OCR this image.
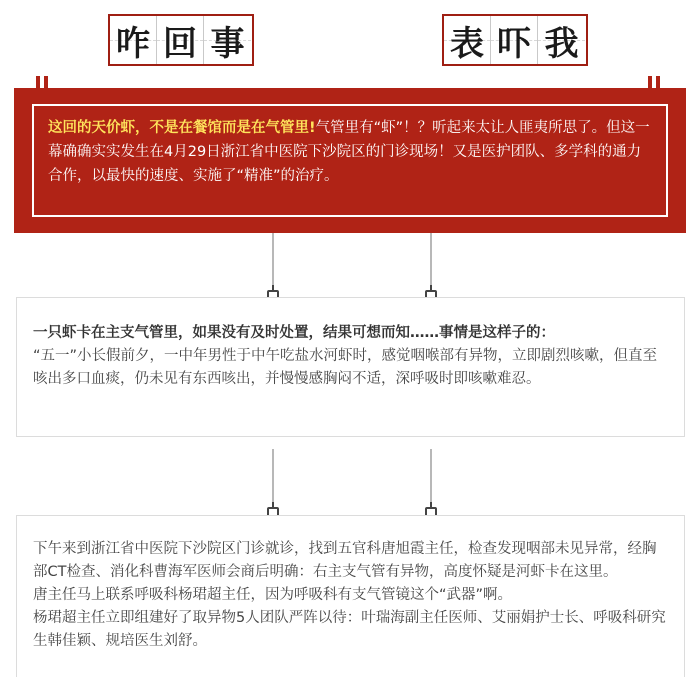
咋 回 事	表 吓 我

这回的天价虾，不是在餐馆而是在气管里!气管里有“虾”！？听起来太让人匪夷所思了。但这一幕确确实实发生在4月29日浙江省中医院下沙院区的门诊现场！又是医护团队、多学科的通力合作，以最快的速度、实施了“精准”的治疗。

一只虾卡在主支气管里，如果没有及时处置，结果可想而知……事情是这样子的：

“五一”小长假前夕，一中年男性于中午吃盐水河虾时，感觉咽喉部有异物，立即剧烈咳嗽，但直至咳出多口血痰，仍未见有东西咳出，并慢慢感胸闷不适，深呼吸时即咳嗽难忍。

下午来到浙江省中医院下沙院区门诊就诊，找到五官科唐旭霞主任，检查发现咽部未见异常，经胸部CT检查、消化科曹海军医师会商后明确：右主支气管有异物，高度怀疑是河虾卡在这里。

唐主任马上联系呼吸科杨珺超主任，因为呼吸科有支气管镜这个“武器”啊。

杨珺超主任立即组建好了取异物5人团队严阵以待：叶瑞海副主任医师、艾丽娟护士长、呼吸科研究生韩佳颖、规培医生刘舒。
